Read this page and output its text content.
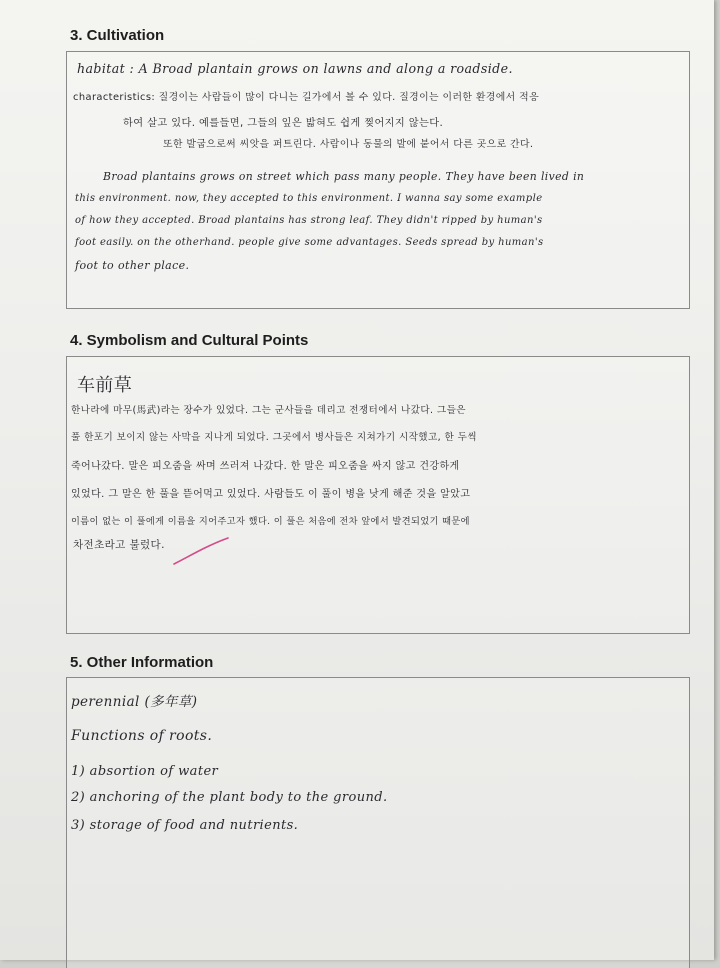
3. Cultivation
habitat : A Broad plantain grows on lawns and along a roadside.
characteristics: 질경이는 사람들이 많이 다니는 길가에서 볼 수 있다. 질경이는 이러한 환경에서 적응
하여 살고 있다. 예를들면, 그들의 잎은 밟혀도 쉽게 찢어지지 않는다.
또한 발굽으로써 씨앗을 퍼트린다. 사람이나 동물의 발에 붙어서 다른 곳으로 간다.
Broad plantains grows on street which pass many people. They have been lived in
this environment. now, they accepted to this environment. I wanna say some example
of how they accepted. Broad plantains has strong leaf. They didn't ripped by human's
foot easily. on the otherhand. people give some advantages. Seeds spread by human's
foot to other place.
4. Symbolism and Cultural Points
车前草
한나라에 마무(馬武)라는 장수가 있었다. 그는 군사들을 데리고 전쟁터에서 나갔다. 그들은
풀 한포기 보이지 않는 사막을 지나게 되었다. 그곳에서 병사들은 지쳐가기 시작했고, 한 두씩
죽어나갔다. 말은 피오줌을 싸며 쓰러져 나갔다. 한 말은 피오줌을 싸지 않고 건강하게
있었다. 그 말은 한 풀을 뜯어먹고 있었다. 사람들도 이 풀이 병을 낫게 해준 것을 알았고
이름이 없는 이 풀에게 이름을 지어주고자 했다. 이 풀은 처음에 전차 앞에서 발견되었기 때문에
차전초라고 불렀다.
5. Other Information
perennial (多年草)
Functions of roots.
1) absortion of water
2) anchoring of the plant body to the ground.
3) storage of food and nutrients.
